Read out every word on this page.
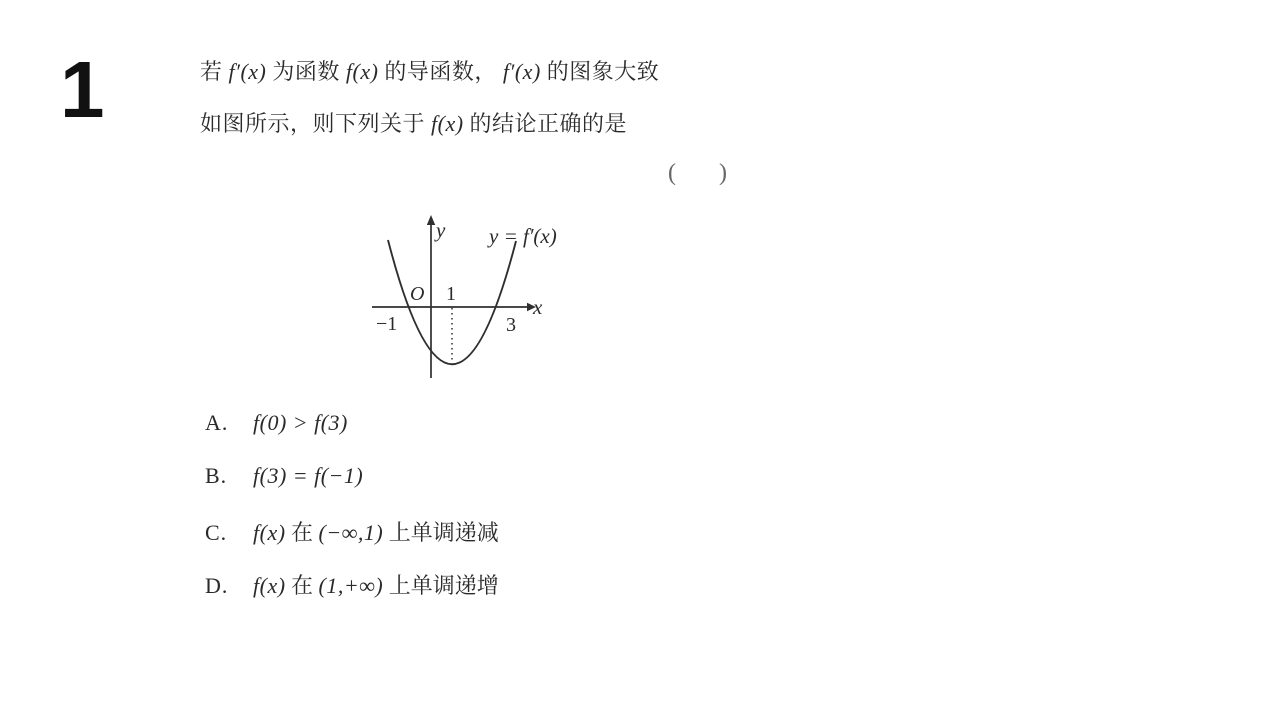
1	若 f′(x) 为函数 f(x) 的导函数， f′(x) 的图象大致
如图所示，则下列关于 f(x) 的结论正确的是
( )
y
x
O 1
−1	3
y = f′(x)
A. f(0) > f(3)
B. f(3) = f(−1)
C. f(x) 在 (−∞,1) 上单调递减
D. f(x) 在 (1,+∞) 上单调递增
